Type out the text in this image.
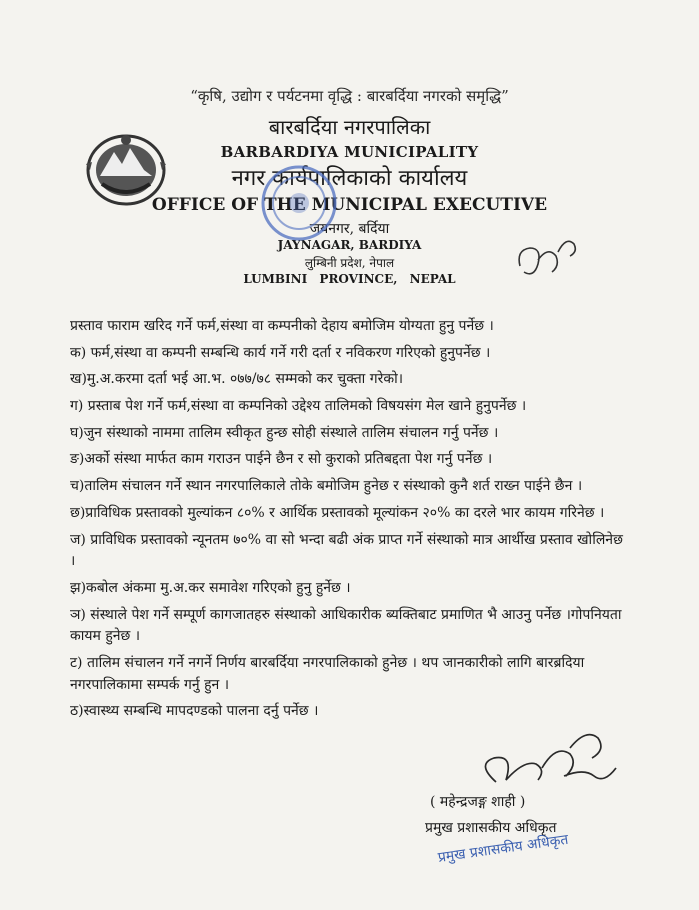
“कृषि, उद्योग र पर्यटनमा वृद्धि : बारबर्दिया नगरको समृद्धि”
बारबर्दिया नगरपालिका
BARBARDIYA MUNICIPALITY
नगर कार्यपालिकाको कार्यालय
OFFICE OF THE MUNICIPAL EXECUTIVE
जयनगर, बर्दिया
JAYNAGAR, BARDIYA
लुम्बिनी प्रदेश, नेपाल
LUMBINI PROVINCE, NEPAL

प्रस्ताव फाराम खरिद गर्ने फर्म,संस्था वा कम्पनीको देहाय बमोजिम योग्यता हुनु पर्नेछ ।

क) फर्म,संस्था वा कम्पनी सम्बन्धि कार्य गर्ने गरी दर्ता र नविकरण गरिएको हुनुपर्नेछ ।

ख)मु.अ.करमा दर्ता भई आ.भ. ०७७/७८ सम्मको कर चुक्ता गरेको।

ग) प्रस्ताब पेश गर्ने फर्म,संस्था वा कम्पनिको उद्देश्य तालिमको विषयसंग मेल खाने हुनुपर्नेछ ।

घ)जुन संस्थाको नाममा तालिम स्वीकृत हुन्छ सोही संस्थाले तालिम संचालन गर्नु पर्नेछ ।

ङ)अर्को संस्था मार्फत काम गराउन पाईने छैन र सो कुराको प्रतिबद्दता पेश गर्नु पर्नेछ ।

च)तालिम संचालन गर्ने स्थान नगरपालिकाले तोके बमोजिम हुनेछ र संस्थाको कुनै शर्त राख्न पाईने छैन ।

छ)प्राविधिक प्रस्तावको मुल्यांकन ८०% र आर्थिक प्रस्तावको मूल्यांकन २०% का दरले भार कायम गरिनेछ ।

ज) प्राविधिक प्रस्तावको न्यूनतम ७०% वा सो भन्दा बढी अंक प्राप्त गर्ने संस्थाको मात्र आर्थीख प्रस्ताव खोलिनेछ ।

झ)कबोल अंकमा मु.अ.कर समावेश गरिएको हुनु हुर्नेछ ।

ञ) संस्थाले पेश गर्ने सम्पूर्ण कागजातहरु संस्थाको आधिकारीक ब्यक्तिबाट प्रमाणित भै आउनु पर्नेछ ।गोपनियता कायम हुनेछ ।

ट) तालिम संचालन गर्ने नगर्ने निर्णय बारबर्दिया नगरपालिकाको हुनेछ । थप जानकारीको लागि बारब्रदिया नगरपालिकामा सम्पर्क गर्नु हुन ।

ठ)स्वास्थ्य सम्बन्धि मापदण्डको पालना दर्नु पर्नेछ ।

( महेन्द्रजङ्ग शाही )
प्रमुख प्रशासकीय अधिकृत
प्रमुख प्रशासकीय अधिकृत
